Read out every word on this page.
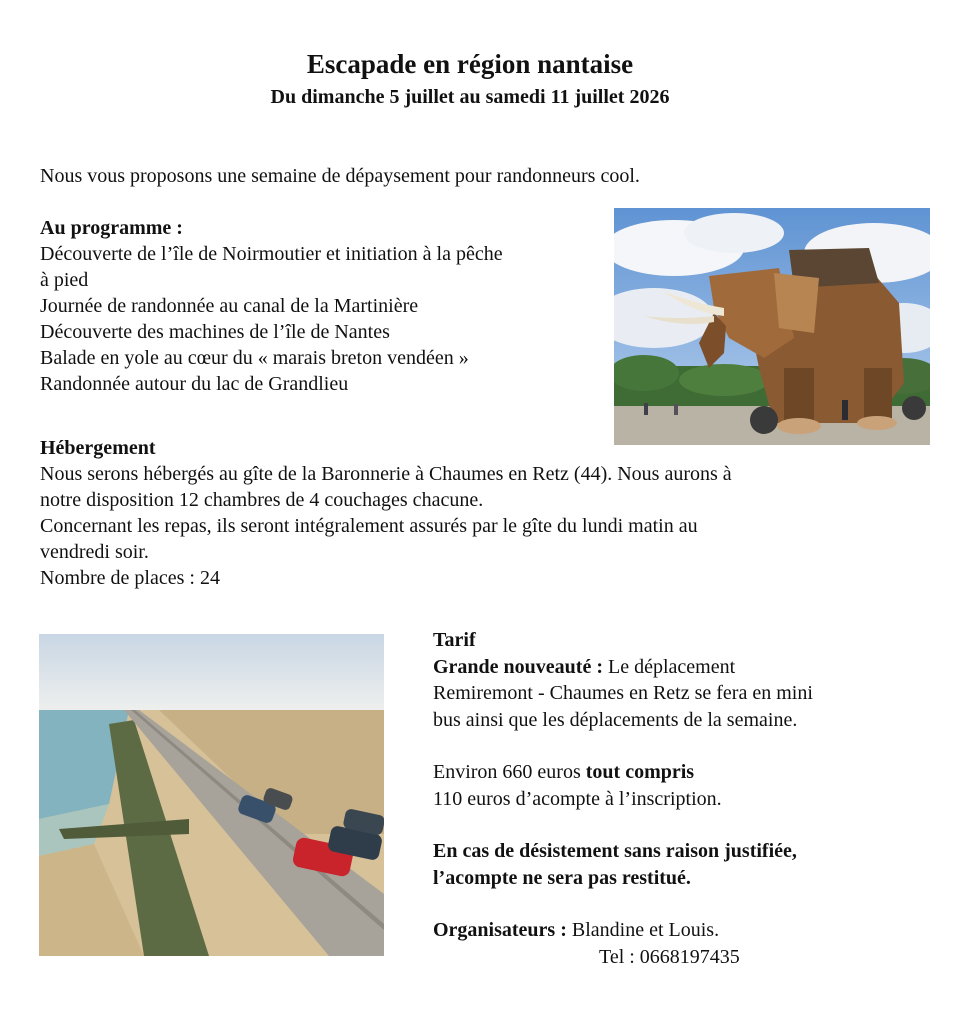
Escapade en région nantaise
Du dimanche 5 juillet au samedi 11 juillet 2026
Nous vous proposons une semaine de dépaysement pour randonneurs cool.
Au programme :
Découverte de l’île de Noirmoutier et initiation à la pêche
à pied
Journée de randonnée au canal de la Martinière
Découverte des machines de l’île de Nantes
Balade en yole au cœur du « marais breton vendéen »
Randonnée autour du lac de Grandlieu
Hébergement
Nous serons hébergés au gîte de la Baronnerie à Chaumes en Retz (44). Nous aurons à
notre disposition 12 chambres de 4 couchages chacune.
Concernant les repas, ils seront intégralement assurés par le gîte du lundi matin au
vendredi soir.
Nombre de places : 24
Tarif
Grande nouveauté : Le déplacement
Remiremont - Chaumes en Retz se fera en mini
bus ainsi que les déplacements de la semaine.
Environ 660 euros tout compris
110 euros d’acompte à l’inscription.
En cas de désistement sans raison justifiée,
l’acompte ne sera pas restitué.
Organisateurs : Blandine et Louis.
Tel : 0668197435
